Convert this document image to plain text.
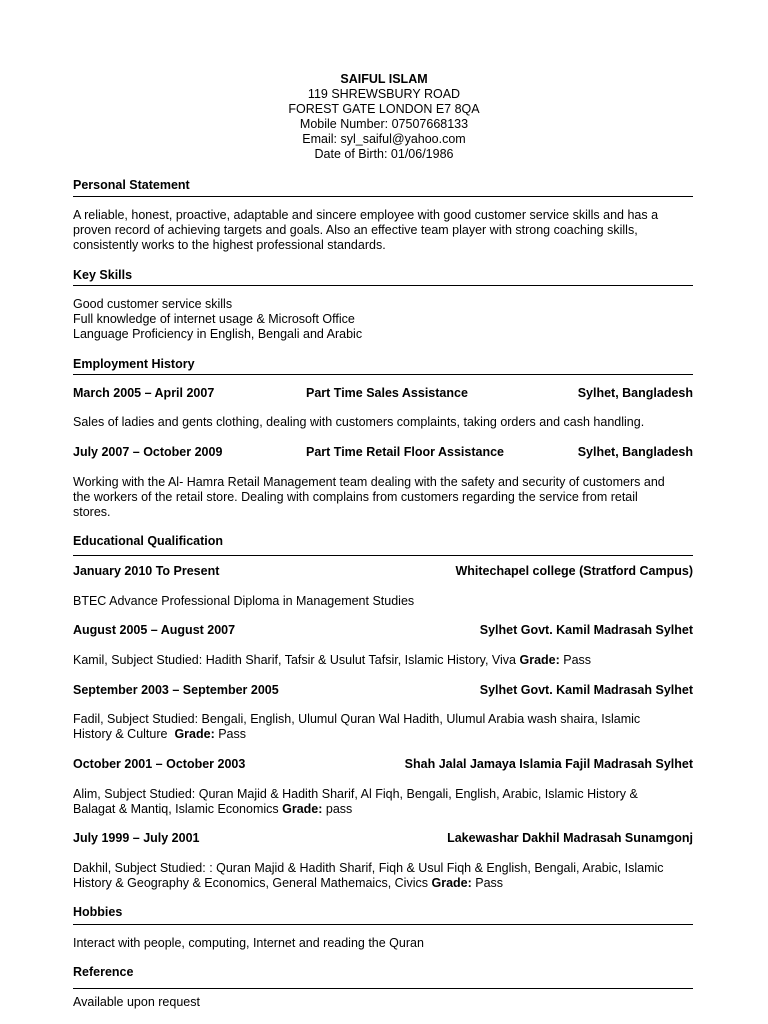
SAIFUL ISLAM
119 SHREWSBURY ROAD
FOREST GATE LONDON E7 8QA
Mobile Number: 07507668133
Email: syl_saiful@yahoo.com
Date of Birth: 01/06/1986
Personal Statement
A reliable, honest, proactive, adaptable and sincere employee with good customer service skills and has a
proven record of achieving targets and goals. Also an effective team player with strong coaching skills,
consistently works to the highest professional standards.
Key Skills
Good customer service skills
Full knowledge of internet usage & Microsoft Office
Language Proficiency in English, Bengali and Arabic
Employment History
March 2005 – April 2007	Part Time Sales Assistance	Sylhet, Bangladesh
Sales of ladies and gents clothing, dealing with customers complaints, taking orders and cash handling.
July 2007 – October 2009	Part Time Retail Floor Assistance	Sylhet, Bangladesh
Working with the Al- Hamra Retail Management team dealing with the safety and security of customers and
the workers of the retail store. Dealing with complains from customers regarding the service from retail
stores.
Educational Qualification
January 2010 To Present	Whitechapel college (Stratford Campus)
BTEC Advance Professional Diploma in Management Studies
August 2005 – August 2007	Sylhet Govt. Kamil Madrasah Sylhet
Kamil, Subject Studied: Hadith Sharif, Tafsir & Usulut Tafsir, Islamic History, Viva Grade: Pass
September 2003 – September 2005	Sylhet Govt. Kamil Madrasah Sylhet
Fadil, Subject Studied: Bengali, English, Ulumul Quran Wal Hadith, Ulumul Arabia wash shaira, Islamic
History & Culture Grade: Pass
October 2001 – October 2003	Shah Jalal Jamaya Islamia Fajil Madrasah Sylhet
Alim, Subject Studied: Quran Majid & Hadith Sharif, Al Fiqh, Bengali, English, Arabic, Islamic History &
Balagat & Mantiq, Islamic Economics Grade: pass
July 1999 – July 2001	Lakewashar Dakhil Madrasah Sunamgonj
Dakhil, Subject Studied: : Quran Majid & Hadith Sharif, Fiqh & Usul Fiqh & English, Bengali, Arabic, Islamic
History & Geography & Economics, General Mathemaics, Civics Grade: Pass
Hobbies
Interact with people, computing, Internet and reading the Quran
Reference
Available upon request
